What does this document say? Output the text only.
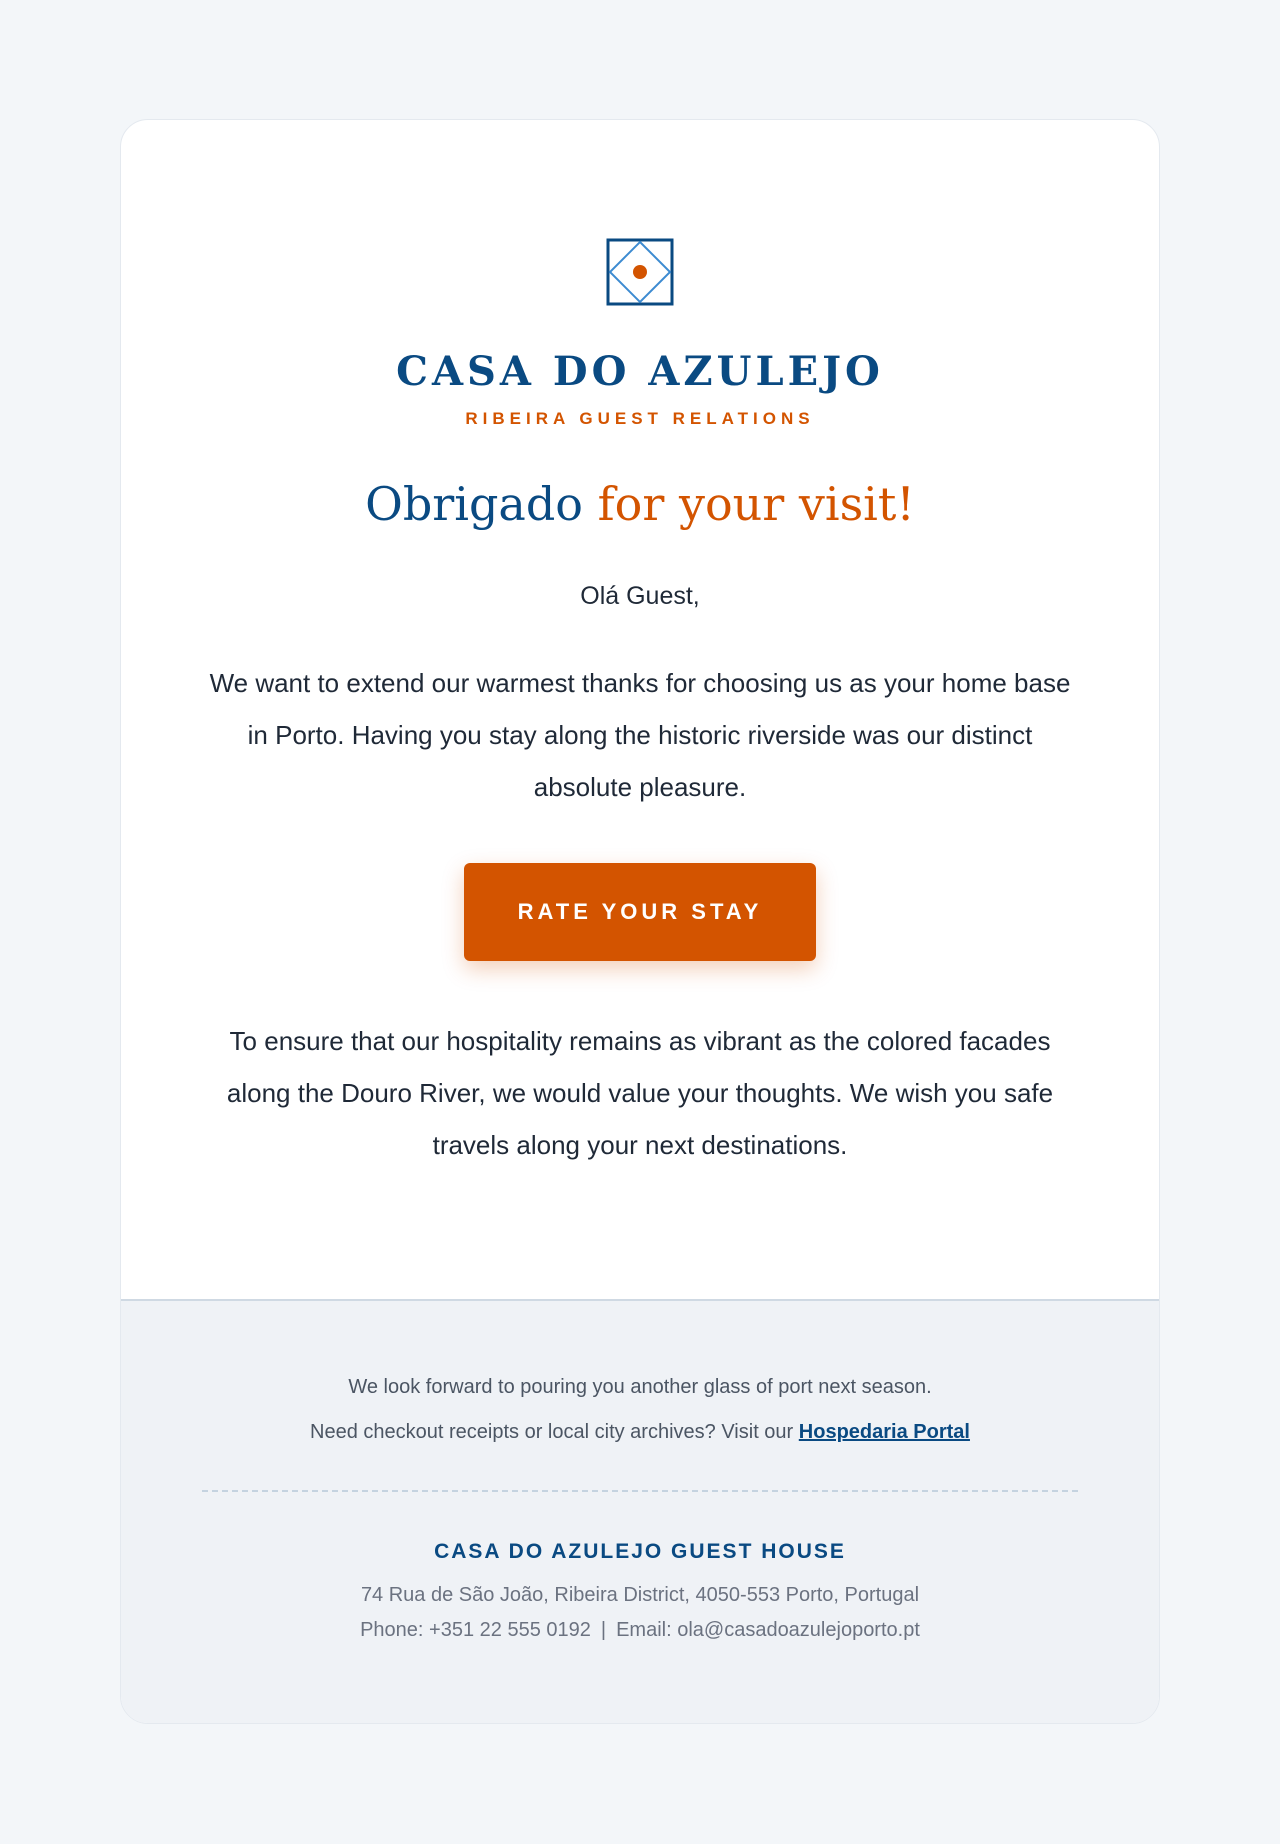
CASA DO AZULEJO
RIBEIRA GUEST RELATIONS
Obrigado for your visit!
Olá Guest,

We want to extend our warmest thanks for choosing us as your home base in Porto. Having you stay along the historic riverside was our distinct absolute pleasure.

RATE YOUR STAY

To ensure that our hospitality remains as vibrant as the colored facades along the Douro River, we would value your thoughts. We wish you safe travels along your next destinations.

We look forward to pouring you another glass of port next season.
Need checkout receipts or local city archives? Visit our Hospedaria Portal
CASA DO AZULEJO GUEST HOUSE
74 Rua de São João, Ribeira District, 4050-553 Porto, Portugal
Phone: +351 22 555 0192 | Email: ola@casadoazulejoporto.pt
